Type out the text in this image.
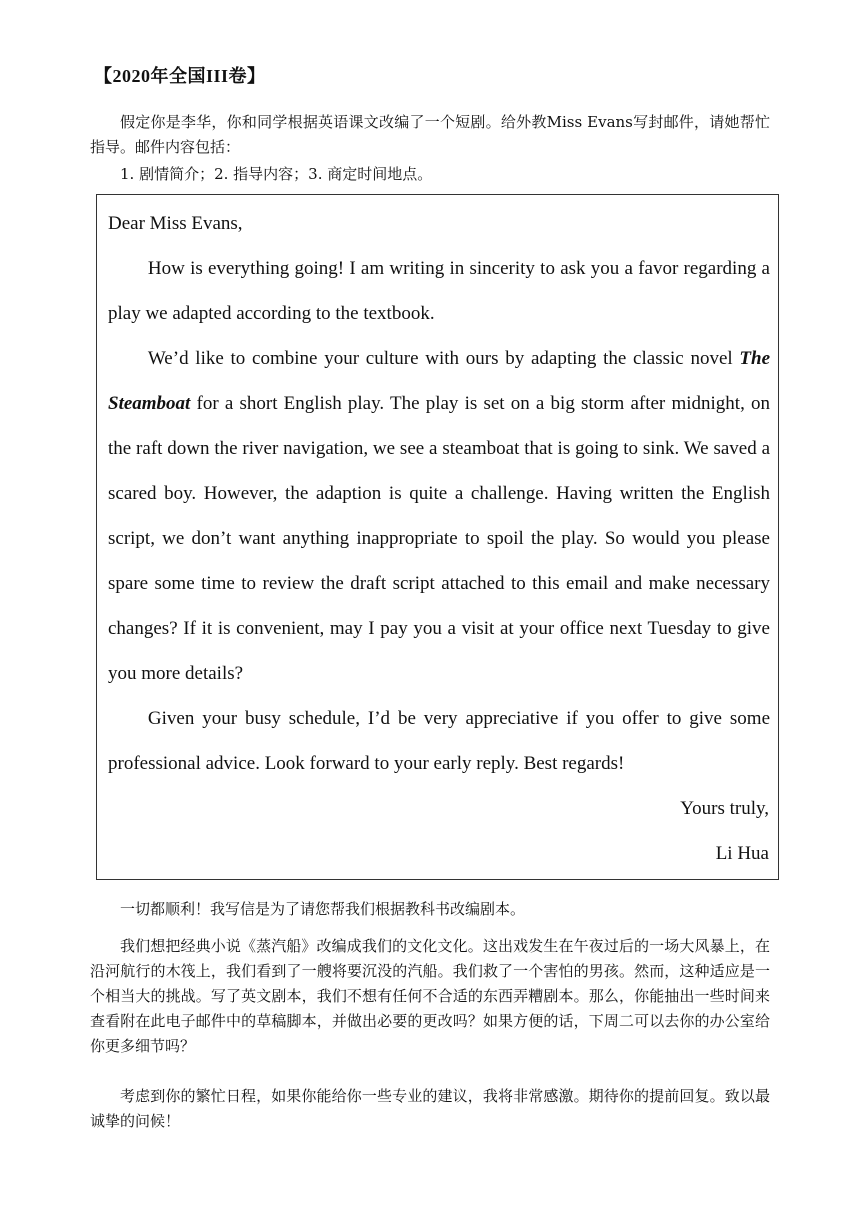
【2020年全国III卷】

假定你是李华，你和同学根据英语课文改编了一个短剧。给外教Miss Evans写封邮件，请她帮忙指导。邮件内容包括：

1. 剧情简介；2. 指导内容；3. 商定时间地点。

Dear Miss Evans,

How is everything going! I am writing in sincerity to ask you a favor regarding a play we adapted according to the textbook.

We’d like to combine your culture with ours by adapting the classic novel The Steamboat for a short English play. The play is set on a big storm after midnight, on the raft down the river navigation, we see a steamboat that is going to sink. We saved a scared boy. However, the adaption is quite a challenge. Having written the English script, we don’t want anything inappropriate to spoil the play. So would you please spare some time to review the draft script attached to this email and make necessary changes? If it is convenient, may I pay you a visit at your office next Tuesday to give you more details?

Given your busy schedule, I’d be very appreciative if you offer to give some professional advice. Look forward to your early reply. Best regards!

Yours truly,

Li Hua

一切都顺利！我写信是为了请您帮我们根据教科书改编剧本。

我们想把经典小说《蒸汽船》改编成我们的文化文化。这出戏发生在午夜过后的一场大风暴上，在沿河航行的木筏上，我们看到了一艘将要沉没的汽船。我们救了一个害怕的男孩。然而，这种适应是一个相当大的挑战。写了英文剧本，我们不想有任何不合适的东西弄糟剧本。那么，你能抽出一些时间来查看附在此电子邮件中的草稿脚本，并做出必要的更改吗？如果方便的话，下周二可以去你的办公室给你更多细节吗？

考虑到你的繁忙日程，如果你能给你一些专业的建议，我将非常感激。期待你的提前回复。致以最诚挚的问候！
